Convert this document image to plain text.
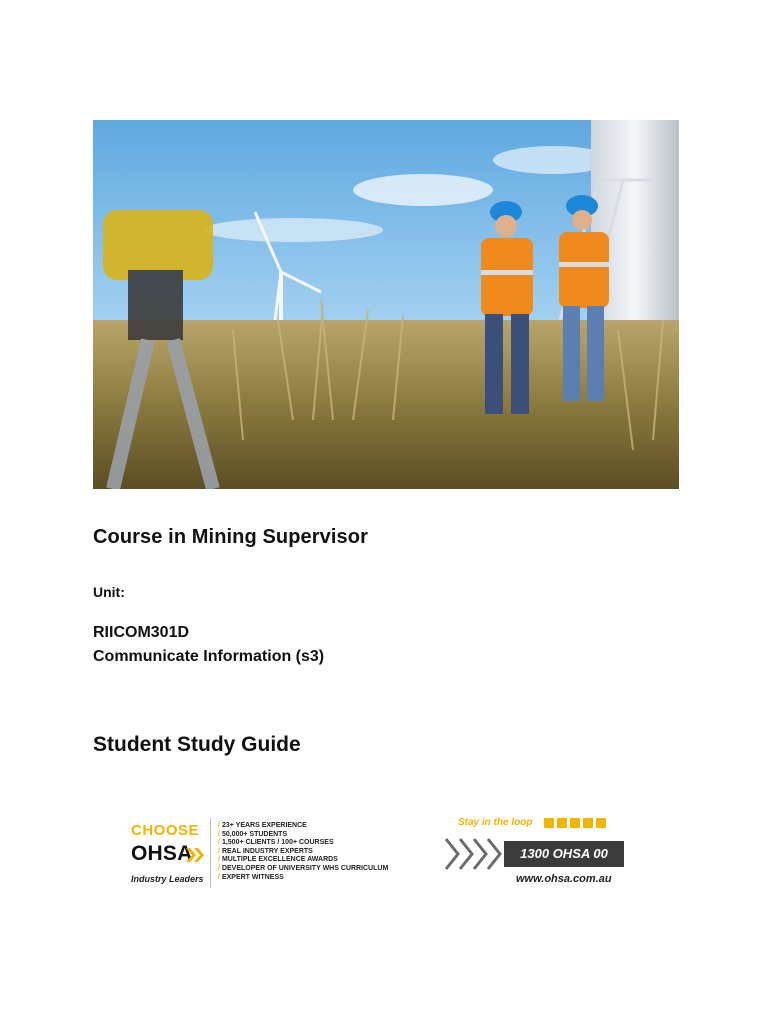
Course in Mining Supervisor

Unit:

RIICOM301D

Communicate Information (s3)

Student Study Guide
CHOOSE
OHSA
Industry Leaders
/ 23+ YEARS EXPERIENCE
/ 50,000+ STUDENTS
/ 1,500+ CLIENTS / 100+ COURSES
/ REAL INDUSTRY EXPERTS
/ MULTIPLE EXCELLENCE AWARDS
/ DEVELOPER OF UNIVERSITY WHS CURRICULUM
/ EXPERT WITNESS
Stay in the loop
1300 OHSA 00
www.ohsa.com.au
